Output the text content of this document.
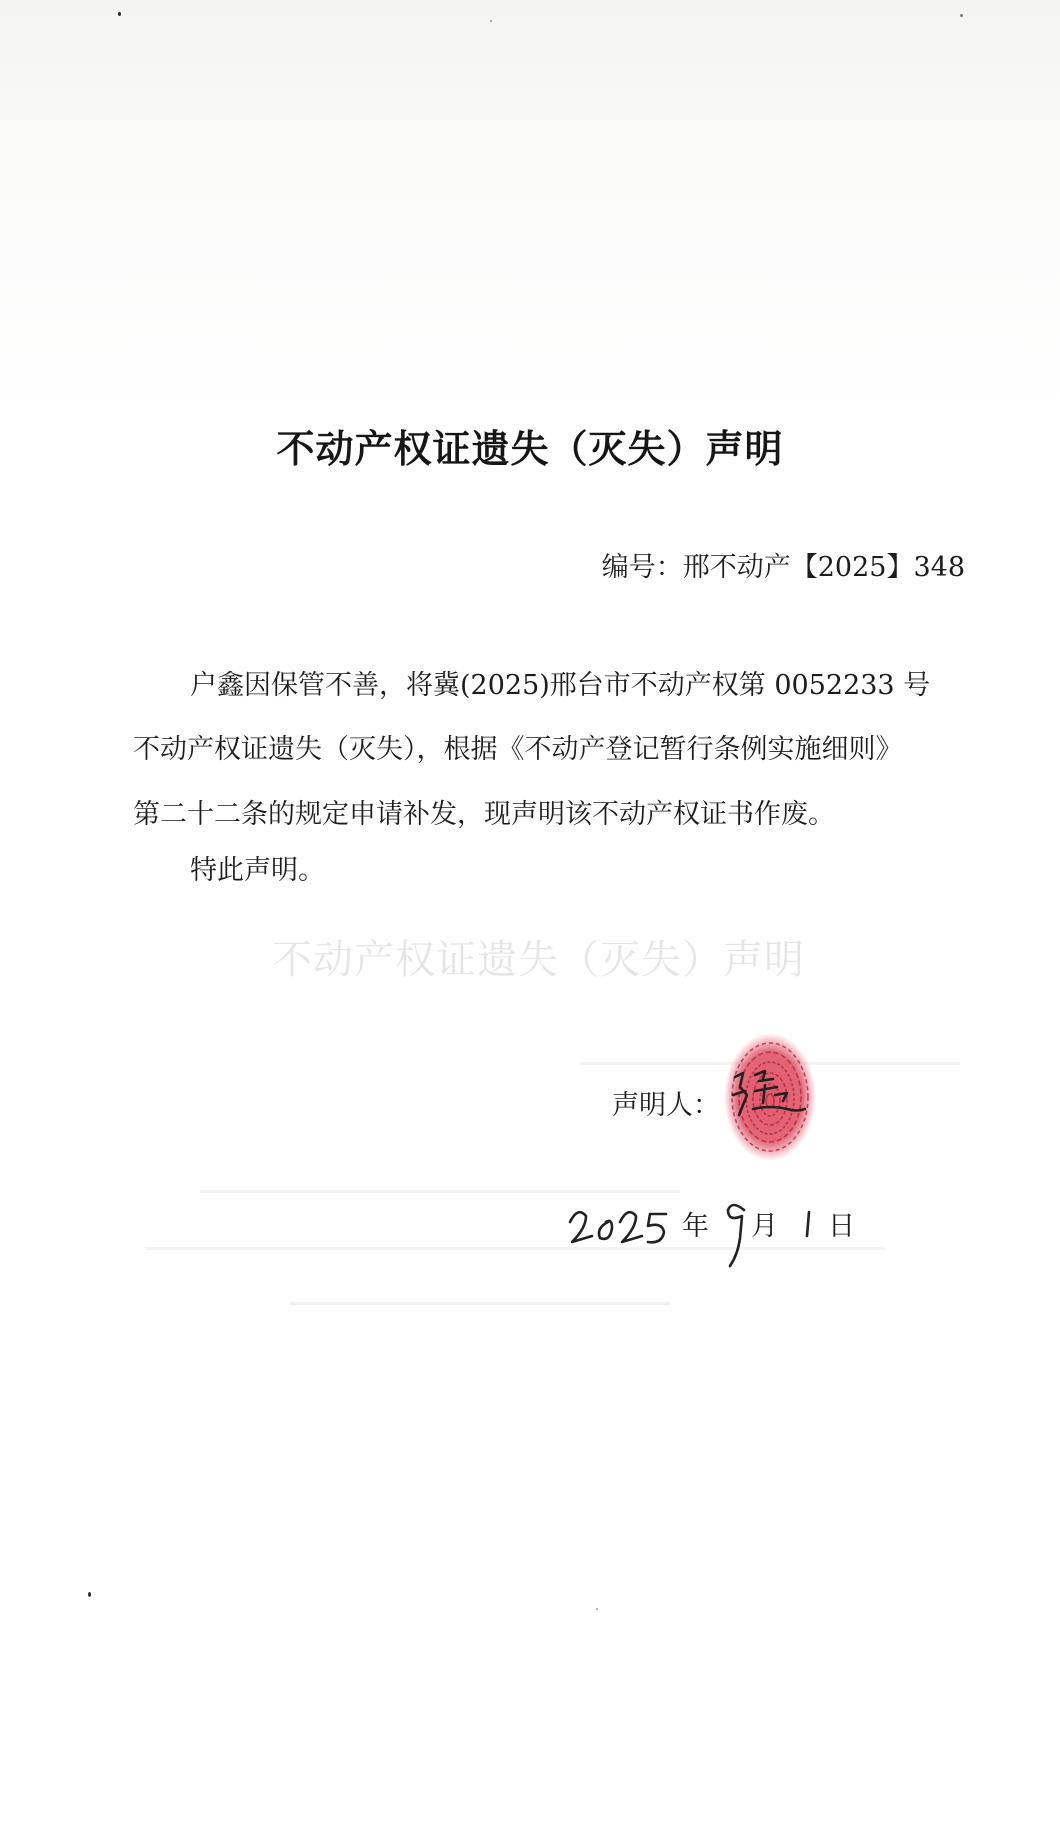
不动产权证遗失（灭失）声明
编号：邢不动产【2025】348

户鑫因保管不善，将冀(2025)邢台市不动产权第 0052233 号

不动产权证遗失（灭失），根据《不动产登记暂行条例实施细则》

第二十二条的规定申请补发，现声明该不动产权证书作废。

特此声明。

不动产权证遗失（灭失）声明
声明人：
年 月 日
